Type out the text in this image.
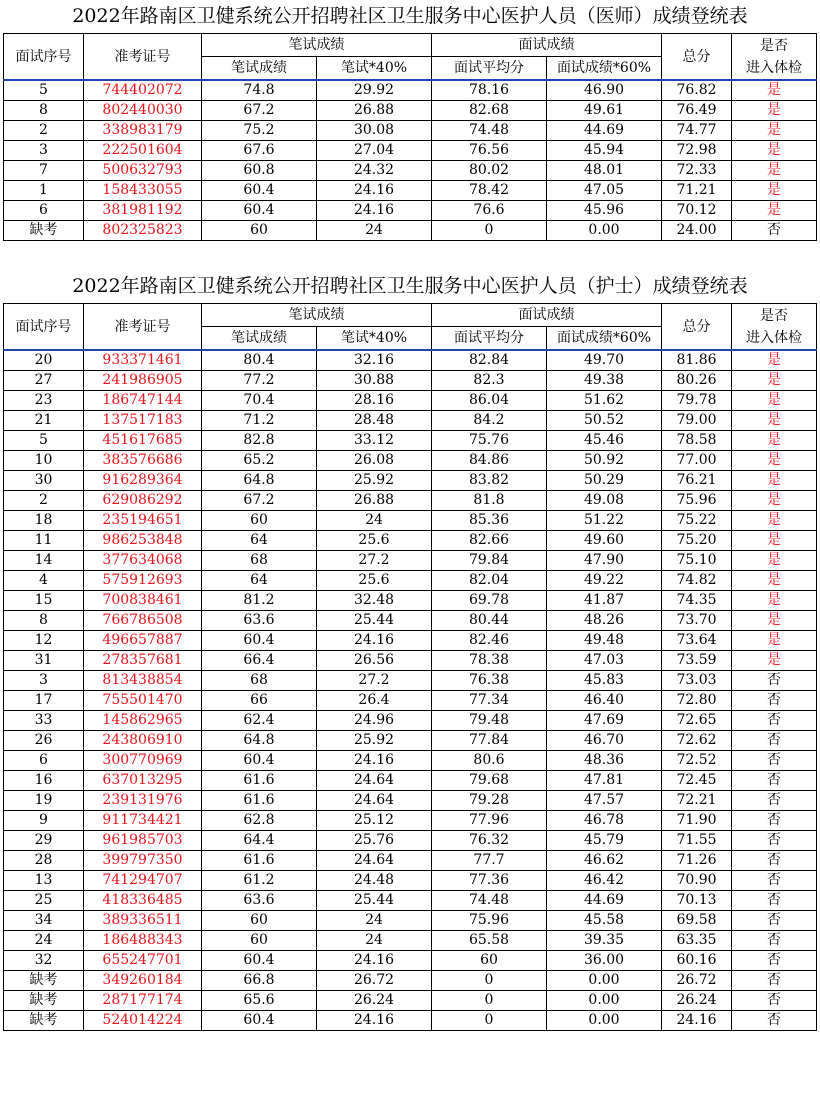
2022年路南区卫健系统公开招聘社区卫生服务中心医护人员（医师）成绩登统表
面试序号	准考证号	笔试成绩		面试成绩		总分	是否
进入体检
		笔试成绩	笔试*40%	面试平均分	面试成绩*60%		
5	744402072	74.8	29.92	78.16	46.90	76.82	是
8	802440030	67.2	26.88	82.68	49.61	76.49	是
2	338983179	75.2	30.08	74.48	44.69	74.77	是
3	222501604	67.6	27.04	76.56	45.94	72.98	是
7	500632793	60.8	24.32	80.02	48.01	72.33	是
1	158433055	60.4	24.16	78.42	47.05	71.21	是
6	381981192	60.4	24.16	76.6	45.96	70.12	是
缺考	802325823	60	24	0	0.00	24.00	否
2022年路南区卫健系统公开招聘社区卫生服务中心医护人员（护士）成绩登统表
面试序号	准考证号	笔试成绩		面试成绩		总分	是否
进入体检
		笔试成绩	笔试*40%	面试平均分	面试成绩*60%		
20	933371461	80.4	32.16	82.84	49.70	81.86	是
27	241986905	77.2	30.88	82.3	49.38	80.26	是
23	186747144	70.4	28.16	86.04	51.62	79.78	是
21	137517183	71.2	28.48	84.2	50.52	79.00	是
5	451617685	82.8	33.12	75.76	45.46	78.58	是
10	383576686	65.2	26.08	84.86	50.92	77.00	是
30	916289364	64.8	25.92	83.82	50.29	76.21	是
2	629086292	67.2	26.88	81.8	49.08	75.96	是
18	235194651	60	24	85.36	51.22	75.22	是
11	986253848	64	25.6	82.66	49.60	75.20	是
14	377634068	68	27.2	79.84	47.90	75.10	是
4	575912693	64	25.6	82.04	49.22	74.82	是
15	700838461	81.2	32.48	69.78	41.87	74.35	是
8	766786508	63.6	25.44	80.44	48.26	73.70	是
12	496657887	60.4	24.16	82.46	49.48	73.64	是
31	278357681	66.4	26.56	78.38	47.03	73.59	是
3	813438854	68	27.2	76.38	45.83	73.03	否
17	755501470	66	26.4	77.34	46.40	72.80	否
33	145862965	62.4	24.96	79.48	47.69	72.65	否
26	243806910	64.8	25.92	77.84	46.70	72.62	否
6	300770969	60.4	24.16	80.6	48.36	72.52	否
16	637013295	61.6	24.64	79.68	47.81	72.45	否
19	239131976	61.6	24.64	79.28	47.57	72.21	否
9	911734421	62.8	25.12	77.96	46.78	71.90	否
29	961985703	64.4	25.76	76.32	45.79	71.55	否
28	399797350	61.6	24.64	77.7	46.62	71.26	否
13	741294707	61.2	24.48	77.36	46.42	70.90	否
25	418336485	63.6	25.44	74.48	44.69	70.13	否
34	389336511	60	24	75.96	45.58	69.58	否
24	186488343	60	24	65.58	39.35	63.35	否
32	655247701	60.4	24.16	60	36.00	60.16	否
缺考	349260184	66.8	26.72	0	0.00	26.72	否
缺考	287177174	65.6	26.24	0	0.00	26.24	否
缺考	524014224	60.4	24.16	0	0.00	24.16	否
